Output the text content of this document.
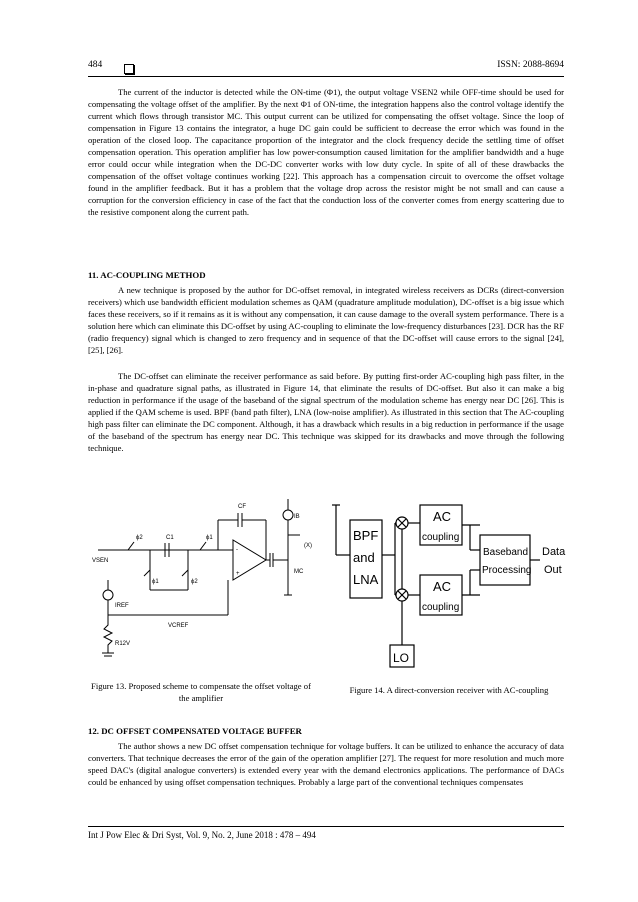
484	ISSN: 2088-8694

The current of the inductor is detected while the ON-time (Φ1), the output voltage VSEN2 while OFF-time should be used for compensating the voltage offset of the amplifier. By the next Φ1 of ON-time, the integration happens also the control voltage identify the current which flows through transistor MC. This output current can be utilized for compensating the offset voltage. Since the loop of compensation in Figure 13 contains the integrator, a huge DC gain could be sufficient to decrease the error which was found in the operation of the closed loop. The capacitance proportion of the integrator and the clock frequency decide the settling time of offset compensation operation. This operation amplifier has low power-consumption caused limitation for the amplifier bandwidth and a huge error could occur while integration when the DC-DC converter works with low duty cycle. In spite of all of these drawbacks the compensation of the offset voltage continues working [22]. This approach has a compensation circuit to overcome the offset voltage found in the amplifier feedback. But it has a problem that the voltage drop across the resistor might be not small and can cause a corruption for the conversion efficiency in case of the fact that the conduction loss of the converter comes from energy scattering due to the resistive component along the current path.

11. AC-COUPLING METHOD

A new technique is proposed by the author for DC-offset removal, in integrated wireless receivers as DCRs (direct-conversion receivers) which use bandwidth efficient modulation schemes as QAM (quadrature amplitude modulation), DC-offset is a big issue which faces these receivers, so if it remains as it is without any compensation, it can cause damage to the overall system performance. There is a solution here which can eliminate this DC-offset by using AC-coupling to eliminate the low-frequency disturbances [23]. DCR has the RF (radio frequency) signal which is changed to zero frequency and in sequence of that the DC-offset will cause errors to the signal [24], [25], [26].

The DC-offset can eliminate the receiver performance as said before. By putting first-order AC-coupling high pass filter, in the in-phase and quadrature signal paths, as illustrated in Figure 14, that eliminate the results of DC-offset. But also it can make a big reduction in performance if the usage of the baseband of the signal spectrum of the modulation scheme has energy near DC [26]. This is applied if the QAM scheme is used. BPF (band path filter), LNA (low-noise amplifier). As illustrated in this section that The AC-coupling high pass filter can eliminate the DC component. Although, it has a drawback which results in a big reduction in performance if the usage of the baseband of the spectrum has energy near DC. This technique was skipped for its drawbacks and move through the following technique.

CF
IB
ϕ2	C1	ϕ1
VSEN
(X)
ϕ1	ϕ2
MC
-
+
IREF
VCREF
R12V
BPF
and
LNA
AC
coupling
AC
coupling
Baseband
Processing
Data
Out
LO

Figure 13. Proposed scheme to compensate the offset voltage of the amplifier

Figure 14. A direct-conversion receiver with AC-coupling

12. DC OFFSET COMPENSATED VOLTAGE BUFFER

The author shows a new DC offset compensation technique for voltage buffers. It can be utilized to enhance the accuracy of data converters. That technique decreases the error of the gain of the operation amplifier [27]. The request for more resolution and much more speed DAC's (digital analogue converters) is extended every year with the demand electronics applications. The performance of DACs could be enhanced by using offset compensation techniques. Probably a large part of the conventional techniques compensates

Int J Pow Elec & Dri Syst, Vol. 9, No. 2, June 2018 : 478 – 494
